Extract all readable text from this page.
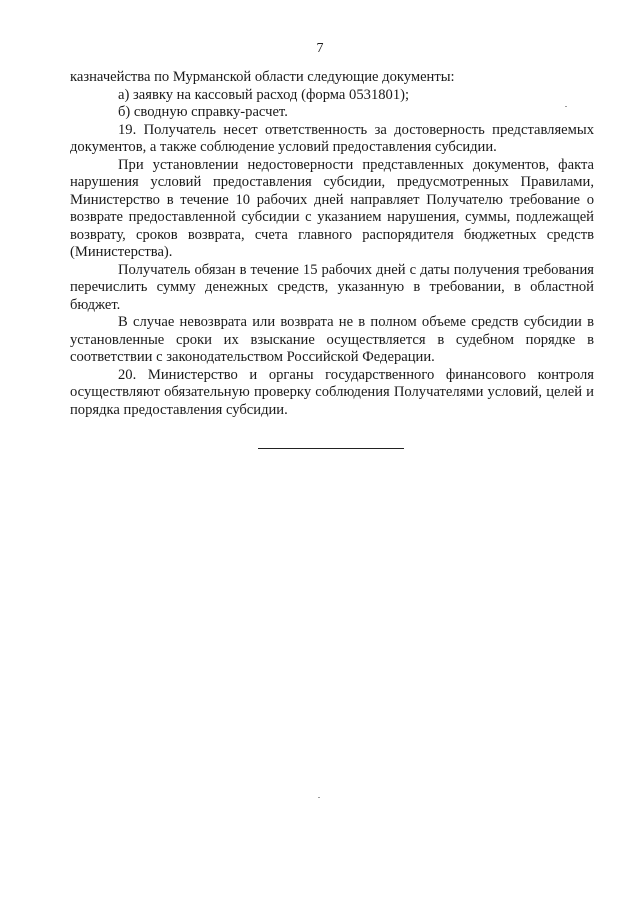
7

казначейства по Мурманской области следующие документы:

а) заявку на кассовый расход (форма 0531801);

б) сводную справку-расчет.

19. Получатель несет ответственность за достоверность представляемых документов, а также соблюдение условий предоставления субсидии.

При установлении недостоверности представленных документов, факта нарушения условий предоставления субсидии, предусмотренных Правилами, Министерство в течение 10 рабочих дней направляет Получателю требование о возврате предоставленной субсидии с указанием нарушения, суммы, подлежащей возврату, сроков возврата, счета главного распорядителя бюджетных средств (Министерства).

Получатель обязан в течение 15 рабочих дней с даты получения требования перечислить сумму денежных средств, указанную в требовании, в областной бюджет.

В случае невозврата или возврата не в полном объеме средств субсидии в установленные сроки их взыскание осуществляется в судебном порядке в соответствии с законодательством Российской Федерации.

20. Министерство и органы государственного финансового контроля осуществляют обязательную проверку соблюдения Получателями условий, целей и порядка предоставления субсидии.
